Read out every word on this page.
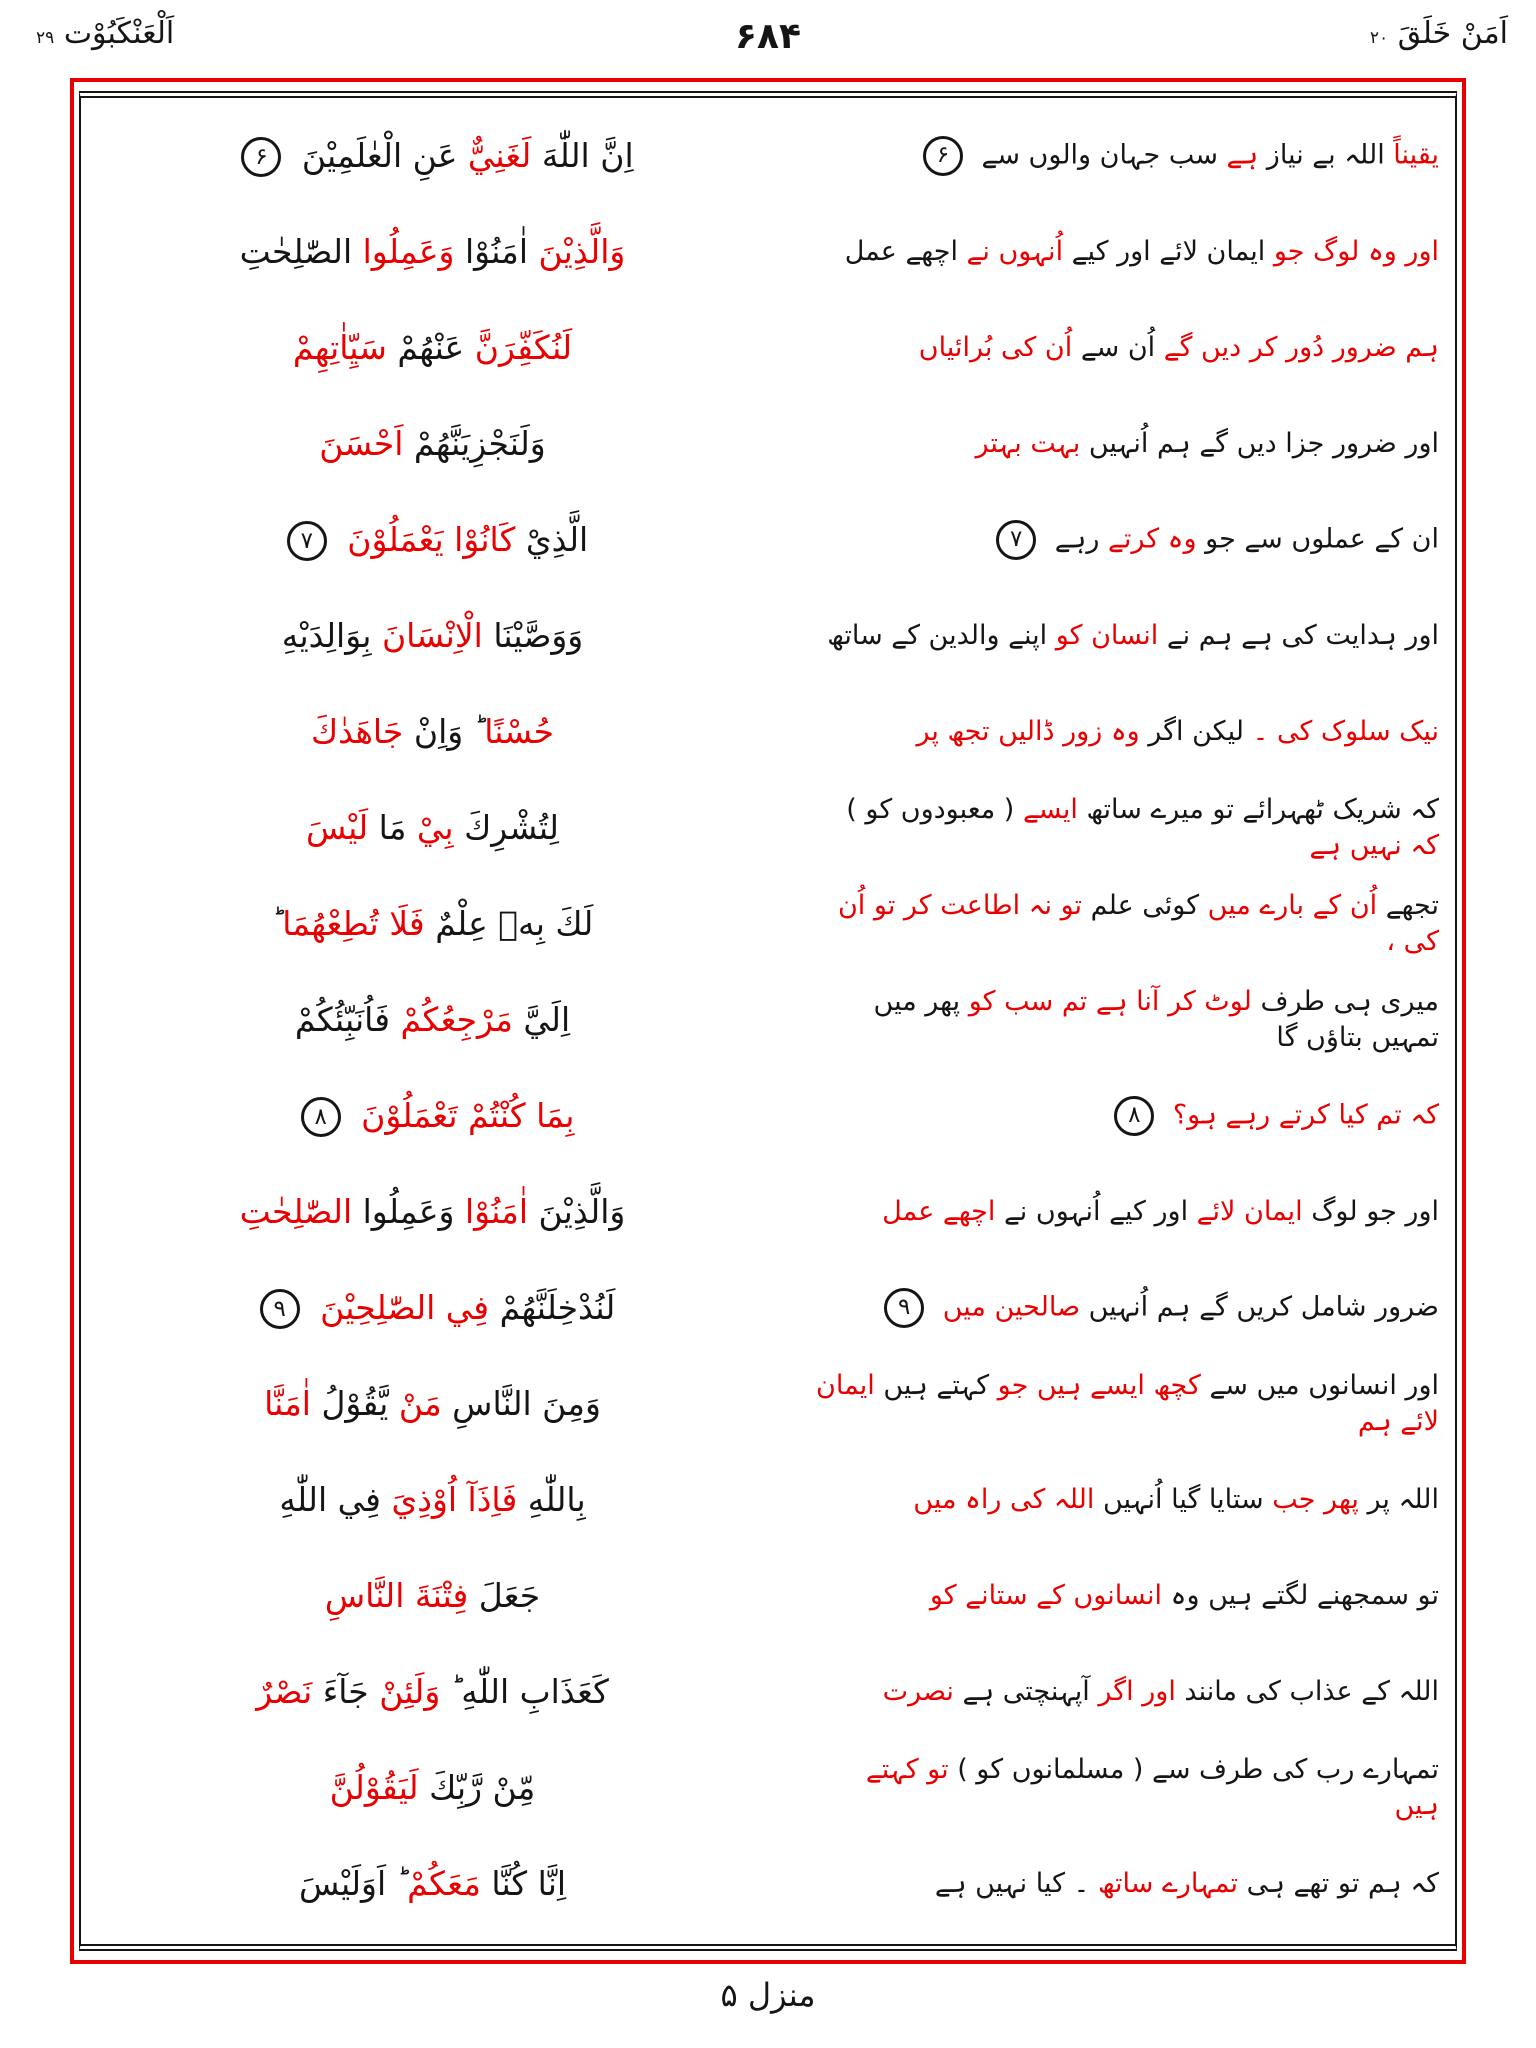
اَمَنْ خَلَقَ ۲۰
۶۸۴
اَلْعَنْكَبُوْت ۲۹
یقیناً اللہ بے نیاز ہے سب جہان والوں سے ۶
اِنَّ اللّٰهَ لَغَنِيٌّ عَنِ الْعٰلَمِيْنَ ۶
اور وہ لوگ جو ایمان لائے اور کیے اُنہوں نے اچھے عمل
وَالَّذِيْنَ اٰمَنُوْا وَعَمِلُوا الصّٰلِحٰتِ
ہم ضرور دُور کر دیں گے اُن سے اُن کی بُرائیاں
لَنُكَفِّرَنَّ عَنْهُمْ سَيِّاٰتِهِمْ
اور ضرور جزا دیں گے ہم اُنہیں بہت بہتر
وَلَنَجْزِيَنَّهُمْ اَحْسَنَ
ان کے عملوں سے جو وہ کرتے رہے ۷
الَّذِيْ كَانُوْا يَعْمَلُوْنَ ۷
اور ہدایت کی ہے ہم نے انسان کو اپنے والدین کے ساتھ
وَوَصَّيْنَا الْاِنْسَانَ بِوَالِدَيْهِ
نیک سلوک کی ۔ لیکن اگر وہ زور ڈالیں تجھ پر
حُسْنًا ؕ وَاِنْ جَاهَدٰكَ
کہ شریک ٹھہرائے تو میرے ساتھ ایسے ( معبودوں کو ) کہ نہیں ہے
لِتُشْرِكَ بِيْ مَا لَيْسَ
تجھے اُن کے بارے میں کوئی علم تو نہ اطاعت کر تو اُن کی ،
لَكَ بِهٖ عِلْمٌ فَلَا تُطِعْهُمَا
میری ہی طرف لوٹ کر آنا ہے تم سب کو پھر میں تمہیں بتاؤں گا
اِلَيَّ مَرْجِعُكُمْ فَاُنَبِّئُكُمْ
کہ تم کیا کرتے رہے ہو؟ ۸
بِمَا كُنْتُمْ تَعْمَلُوْنَ ۸
اور جو لوگ ایمان لائے اور کیے اُنہوں نے اچھے عمل
وَالَّذِيْنَ اٰمَنُوْا وَعَمِلُوا الصّٰلِحٰتِ
ضرور شامل کریں گے ہم اُنہیں صالحین میں ۹
لَنُدْخِلَنَّهُمْ فِي الصّٰلِحِيْنَ ۹
اور انسانوں میں سے کچھ ایسے ہیں جو کہتے ہیں ایمان لائے ہم
وَمِنَ النَّاسِ مَنْ يَّقُوْلُ اٰمَنَّا
اللہ پر پھر جب ستایا گیا اُنہیں اللہ کی راہ میں
بِاللّٰهِ فَاِذَآ اُوْذِيَ فِي اللّٰهِ
تو سمجھنے لگتے ہیں وہ انسانوں کے ستانے کو
جَعَلَ فِتْنَةَ النَّاسِ
اللہ کے عذاب کی مانند اور اگر آپہنچتی ہے نصرت
كَعَذَابِ اللّٰهِ ؕ وَلَئِنْ جَآءَ نَصْرٌ
تمہارے رب کی طرف سے ( مسلمانوں کو ) تو کہتے ہیں
مِّنْ رَّبِّكَ لَيَقُوْلُنَّ
کہ ہم تو تھے ہی تمہارے ساتھ ۔ کیا نہیں ہے
اِنَّا كُنَّا مَعَكُمْ ؕ اَوَلَيْسَ
منزل ۵
